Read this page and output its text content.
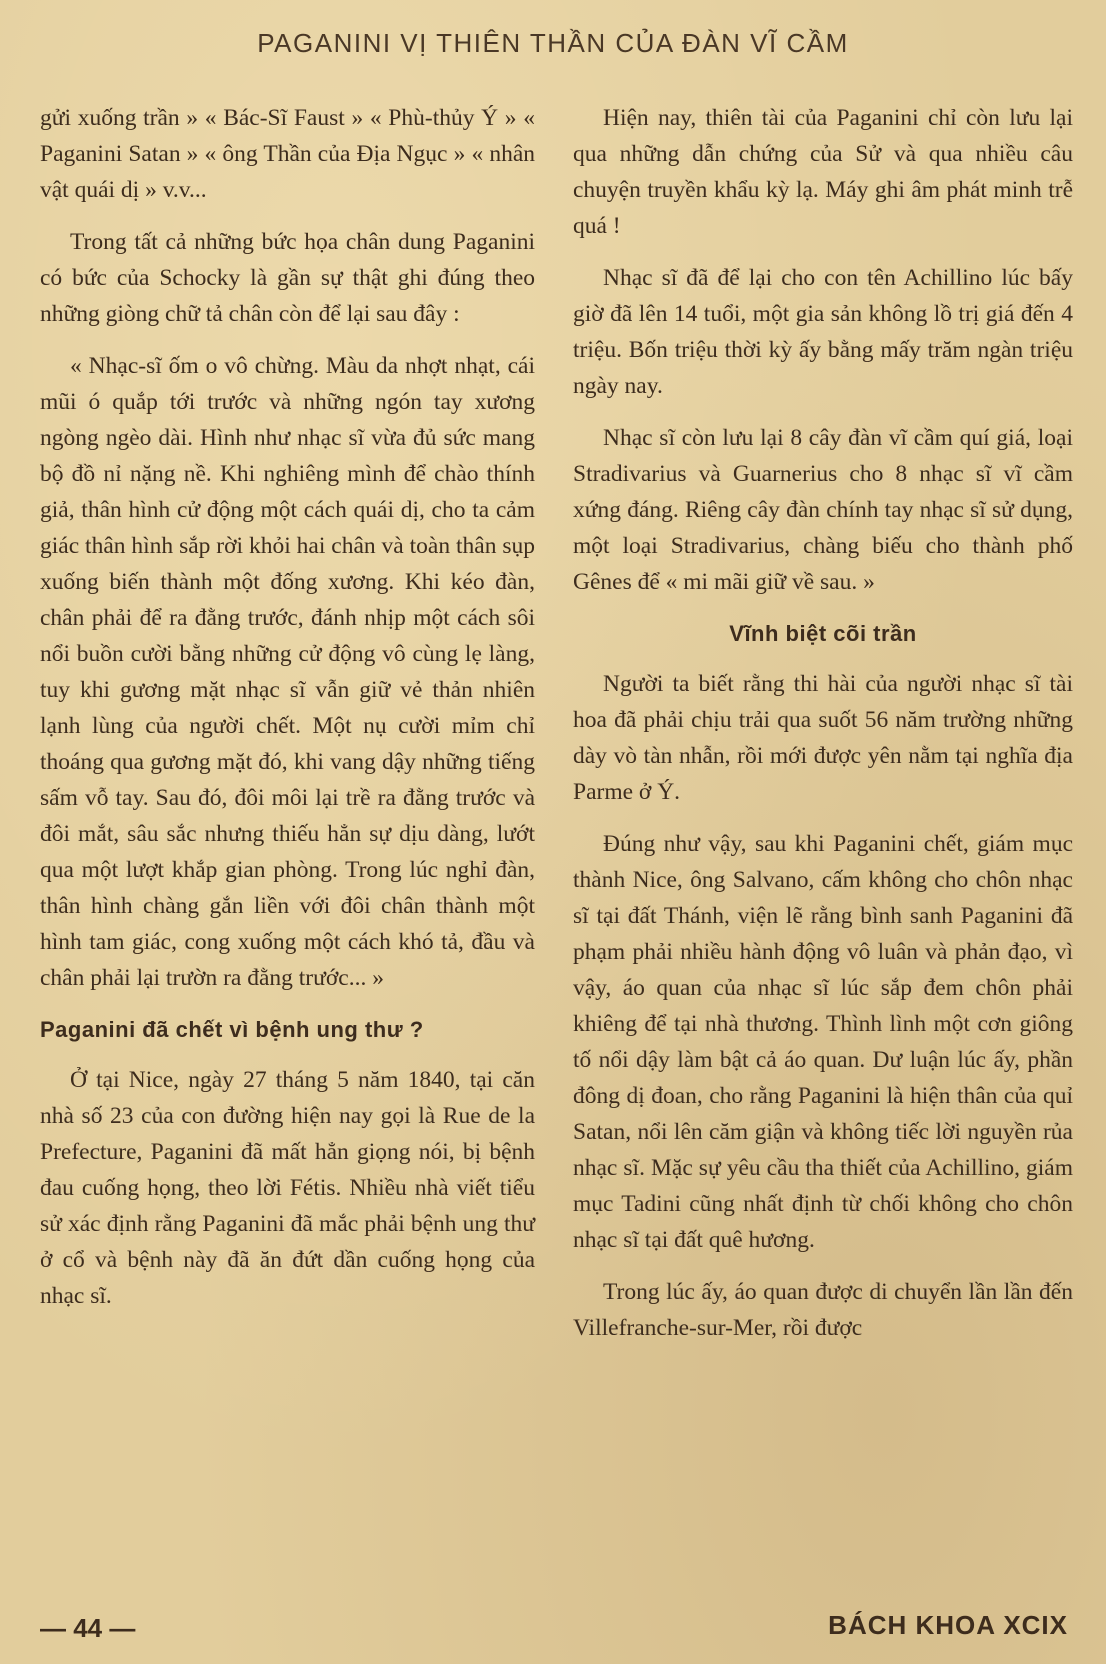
PAGANINI VỊ THIÊN THẦN CỦA ĐÀN VĨ CẦM

gửi xuống trần » « Bác-Sĩ Faust » « Phù-thủy Ý » « Paganini Satan » « ông Thần của Địa Ngục » « nhân vật quái dị » v.v...

Trong tất cả những bức họa chân dung Paganini có bức của Schocky là gần sự thật ghi đúng theo những giòng chữ tả chân còn để lại sau đây :

« Nhạc-sĩ ốm o vô chừng. Màu da nhợt nhạt, cái mũi ó quắp tới trước và những ngón tay xương ngòng ngèo dài. Hình như nhạc sĩ vừa đủ sức mang bộ đồ nỉ nặng nề. Khi nghiêng mình để chào thính giả, thân hình cử động một cách quái dị, cho ta cảm giác thân hình sắp rời khỏi hai chân và toàn thân sụp xuống biến thành một đống xương. Khi kéo đàn, chân phải để ra đằng trước, đánh nhịp một cách sôi nổi buồn cười bằng những cử động vô cùng lẹ làng, tuy khi gương mặt nhạc sĩ vẫn giữ vẻ thản nhiên lạnh lùng của người chết. Một nụ cười mỉm chỉ thoáng qua gương mặt đó, khi vang dậy những tiếng sấm vỗ tay. Sau đó, đôi môi lại trề ra đằng trước và đôi mắt, sâu sắc nhưng thiếu hẳn sự dịu dàng, lướt qua một lượt khắp gian phòng. Trong lúc nghỉ đàn, thân hình chàng gắn liền với đôi chân thành một hình tam giác, cong xuống một cách khó tả, đầu và chân phải lại trườn ra đằng trước... »

Paganini đã chết vì bệnh ung thư ?

Ở tại Nice, ngày 27 tháng 5 năm 1840, tại căn nhà số 23 của con đường hiện nay gọi là Rue de la Prefecture, Paganini đã mất hẳn giọng nói, bị bệnh đau cuống họng, theo lời Fétis. Nhiều nhà viết tiểu sử xác định rằng Paganini đã mắc phải bệnh ung thư ở cổ và bệnh này đã ăn đứt dần cuống họng của nhạc sĩ.

Hiện nay, thiên tài của Paganini chỉ còn lưu lại qua những dẫn chứng của Sử và qua nhiều câu chuyện truyền khẩu kỳ lạ. Máy ghi âm phát minh trễ quá !

Nhạc sĩ đã để lại cho con tên Achillino lúc bấy giờ đã lên 14 tuổi, một gia sản không lồ trị giá đến 4 triệu. Bốn triệu thời kỳ ấy bằng mấy trăm ngàn triệu ngày nay.

Nhạc sĩ còn lưu lại 8 cây đàn vĩ cầm quí giá, loại Stradivarius và Guarnerius cho 8 nhạc sĩ vĩ cầm xứng đáng. Riêng cây đàn chính tay nhạc sĩ sử dụng, một loại Stradivarius, chàng biếu cho thành phố Gênes để « mi mãi giữ về sau. »

Vĩnh biệt cõi trần

Người ta biết rằng thi hài của người nhạc sĩ tài hoa đã phải chịu trải qua suốt 56 năm trường những dày vò tàn nhẫn, rồi mới được yên nằm tại nghĩa địa Parme ở Ý.

Đúng như vậy, sau khi Paganini chết, giám mục thành Nice, ông Salvano, cấm không cho chôn nhạc sĩ tại đất Thánh, viện lẽ rằng bình sanh Paganini đã phạm phải nhiều hành động vô luân và phản đạo, vì vậy, áo quan của nhạc sĩ lúc sắp đem chôn phải khiêng để tại nhà thương. Thình lình một cơn giông tố nổi dậy làm bật cả áo quan. Dư luận lúc ấy, phần đông dị đoan, cho rằng Paganini là hiện thân của quỉ Satan, nổi lên căm giận và không tiếc lời nguyền rủa nhạc sĩ. Mặc sự yêu cầu tha thiết của Achillino, giám mục Tadini cũng nhất định từ chối không cho chôn nhạc sĩ tại đất quê hương.

Trong lúc ấy, áo quan được di chuyển lần lần đến Villefranche-sur-Mer, rồi được

— 44 —	BÁCH KHOA XCIX
